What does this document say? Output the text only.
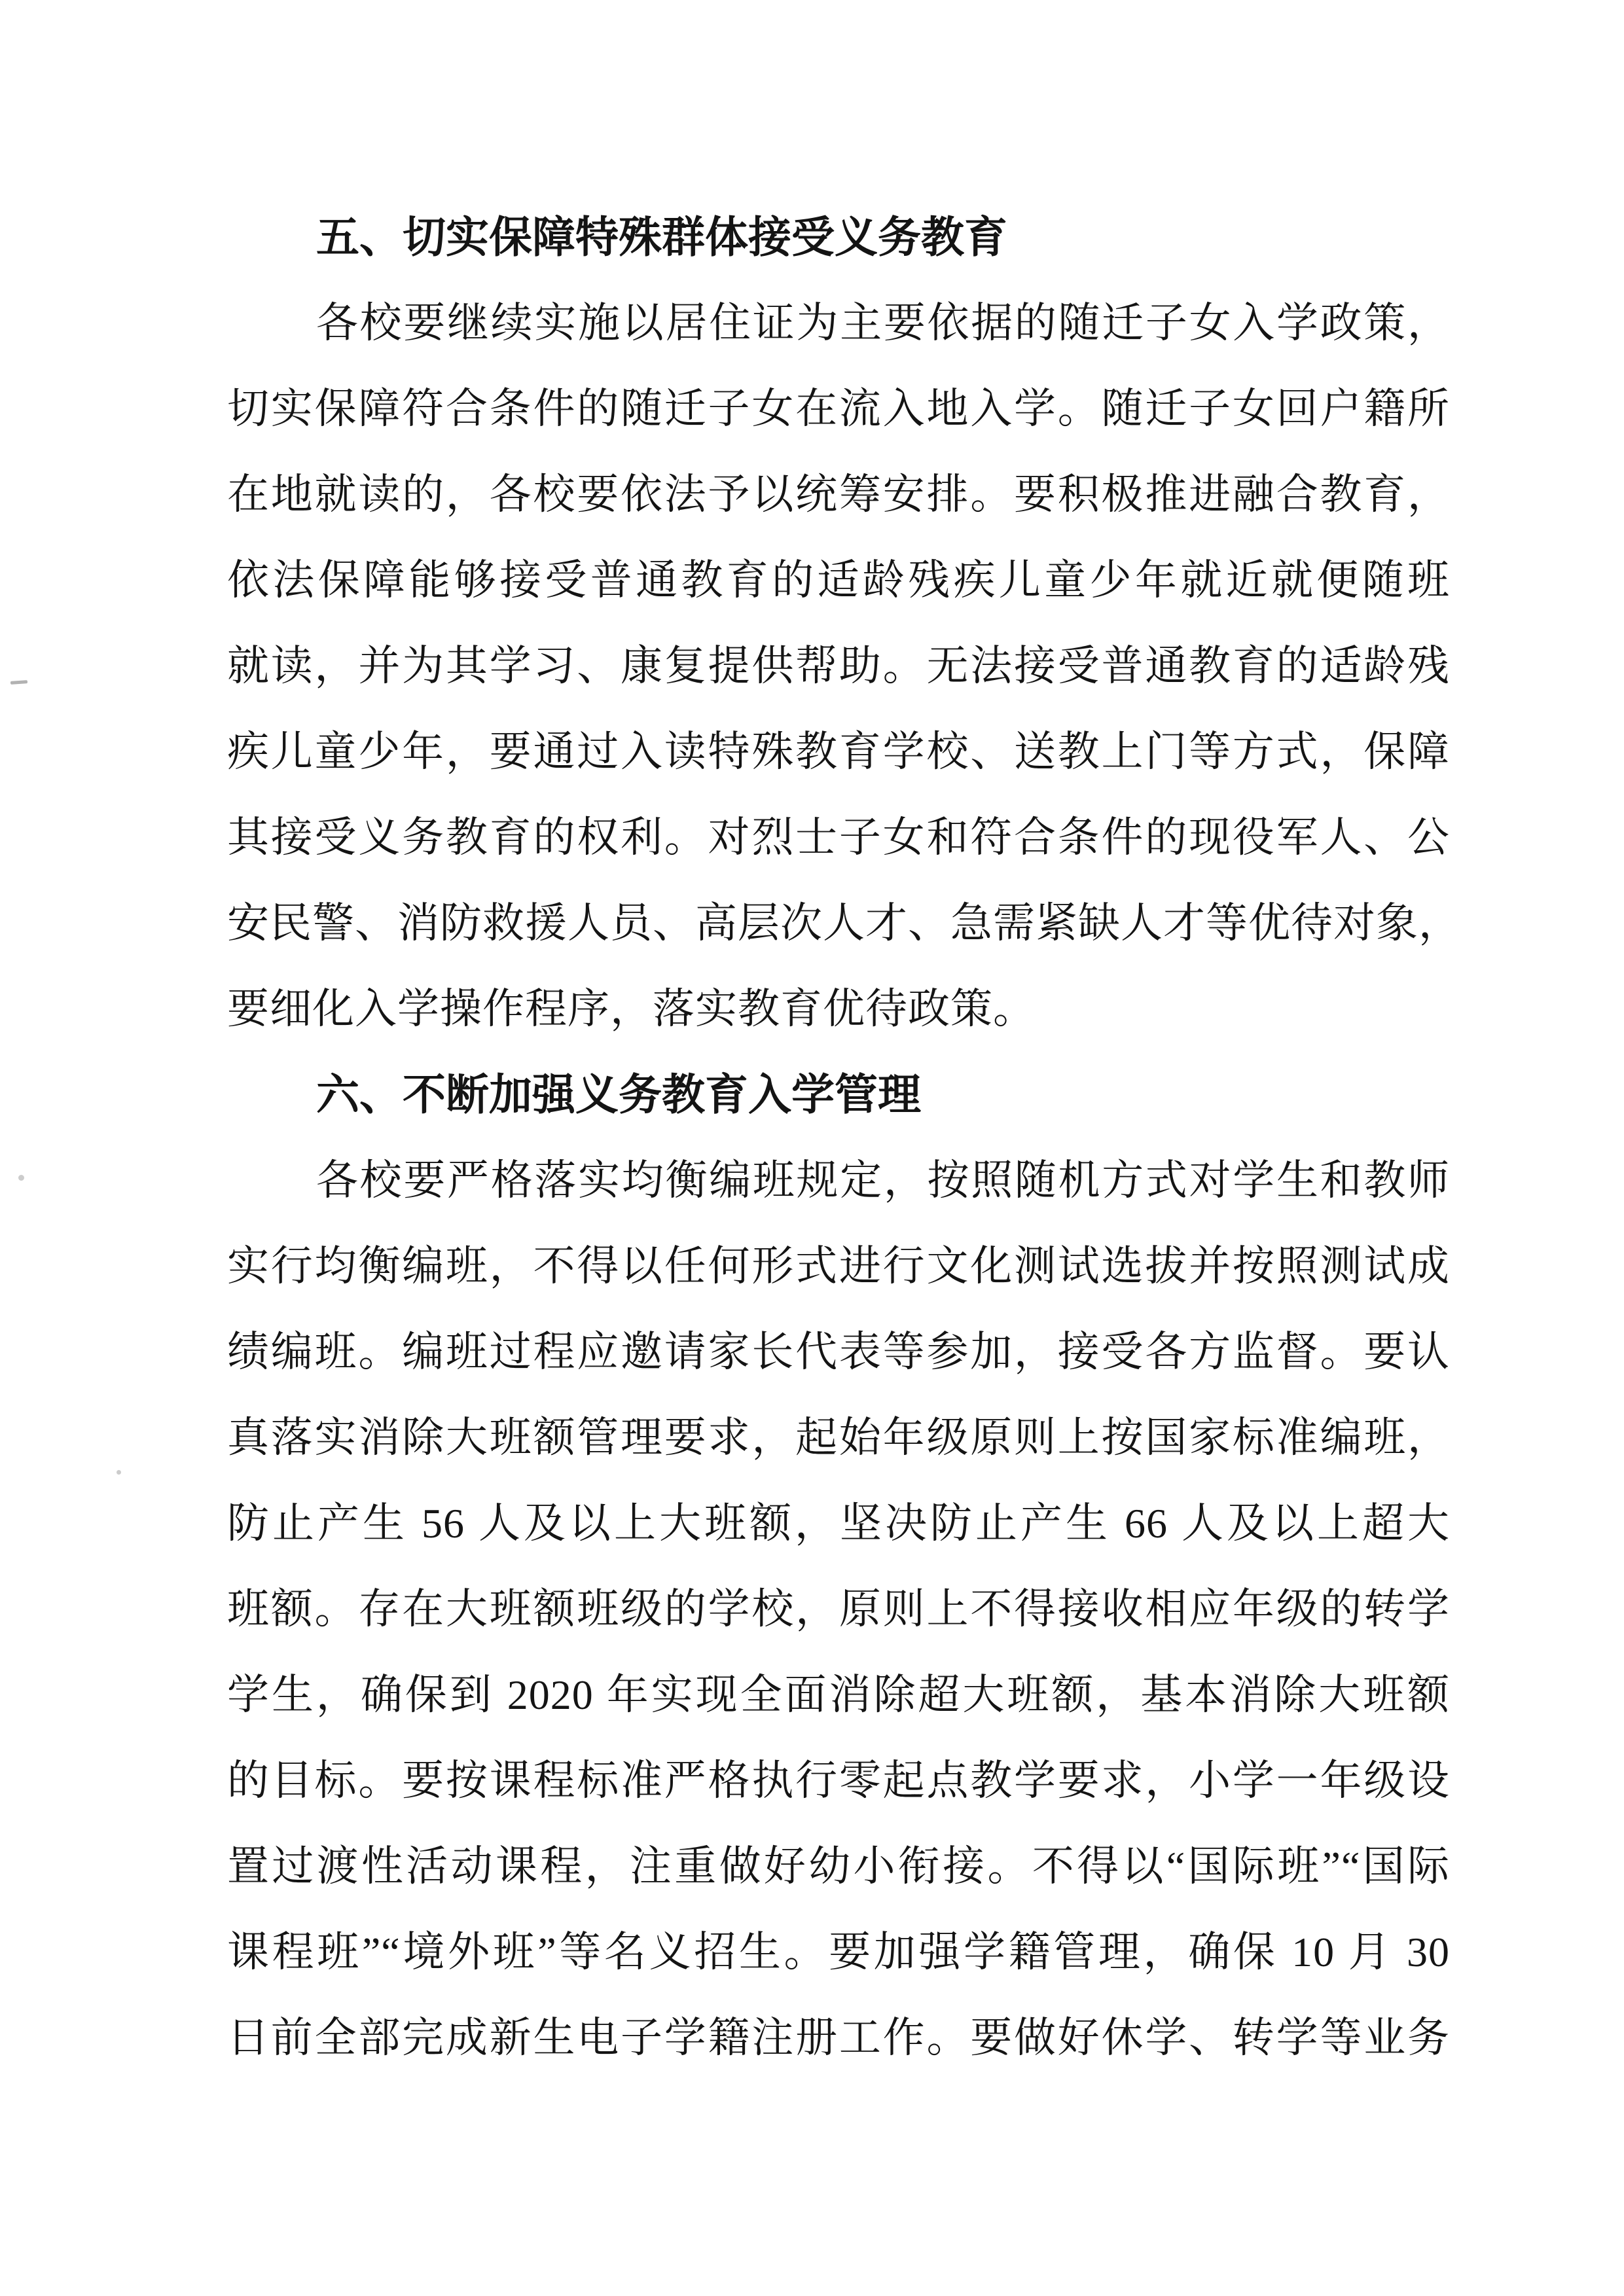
五、切实保障特殊群体接受义务教育
各校要继续实施以居住证为主要依据的随迁子女入学政策，
切实保障符合条件的随迁子女在流入地入学。随迁子女回户籍所
在地就读的，各校要依法予以统筹安排。要积极推进融合教育，
依法保障能够接受普通教育的适龄残疾儿童少年就近就便随班
就读，并为其学习、康复提供帮助。无法接受普通教育的适龄残
疾儿童少年，要通过入读特殊教育学校、送教上门等方式，保障
其接受义务教育的权利。对烈士子女和符合条件的现役军人、公
安民警、消防救援人员、高层次人才、急需紧缺人才等优待对象，
要细化入学操作程序，落实教育优待政策。
六、不断加强义务教育入学管理
各校要严格落实均衡编班规定，按照随机方式对学生和教师
实行均衡编班，不得以任何形式进行文化测试选拔并按照测试成
绩编班。编班过程应邀请家长代表等参加，接受各方监督。要认
真落实消除大班额管理要求，起始年级原则上按国家标准编班，
防止产生 56 人及以上大班额，坚决防止产生 66 人及以上超大
班额。存在大班额班级的学校，原则上不得接收相应年级的转学
学生，确保到 2020 年实现全面消除超大班额，基本消除大班额
的目标。要按课程标准严格执行零起点教学要求，小学一年级设
置过渡性活动课程，注重做好幼小衔接。不得以“国际班”“国际
课程班”“境外班”等名义招生。要加强学籍管理，确保 10 月 30
日前全部完成新生电子学籍注册工作。要做好休学、转学等业务
